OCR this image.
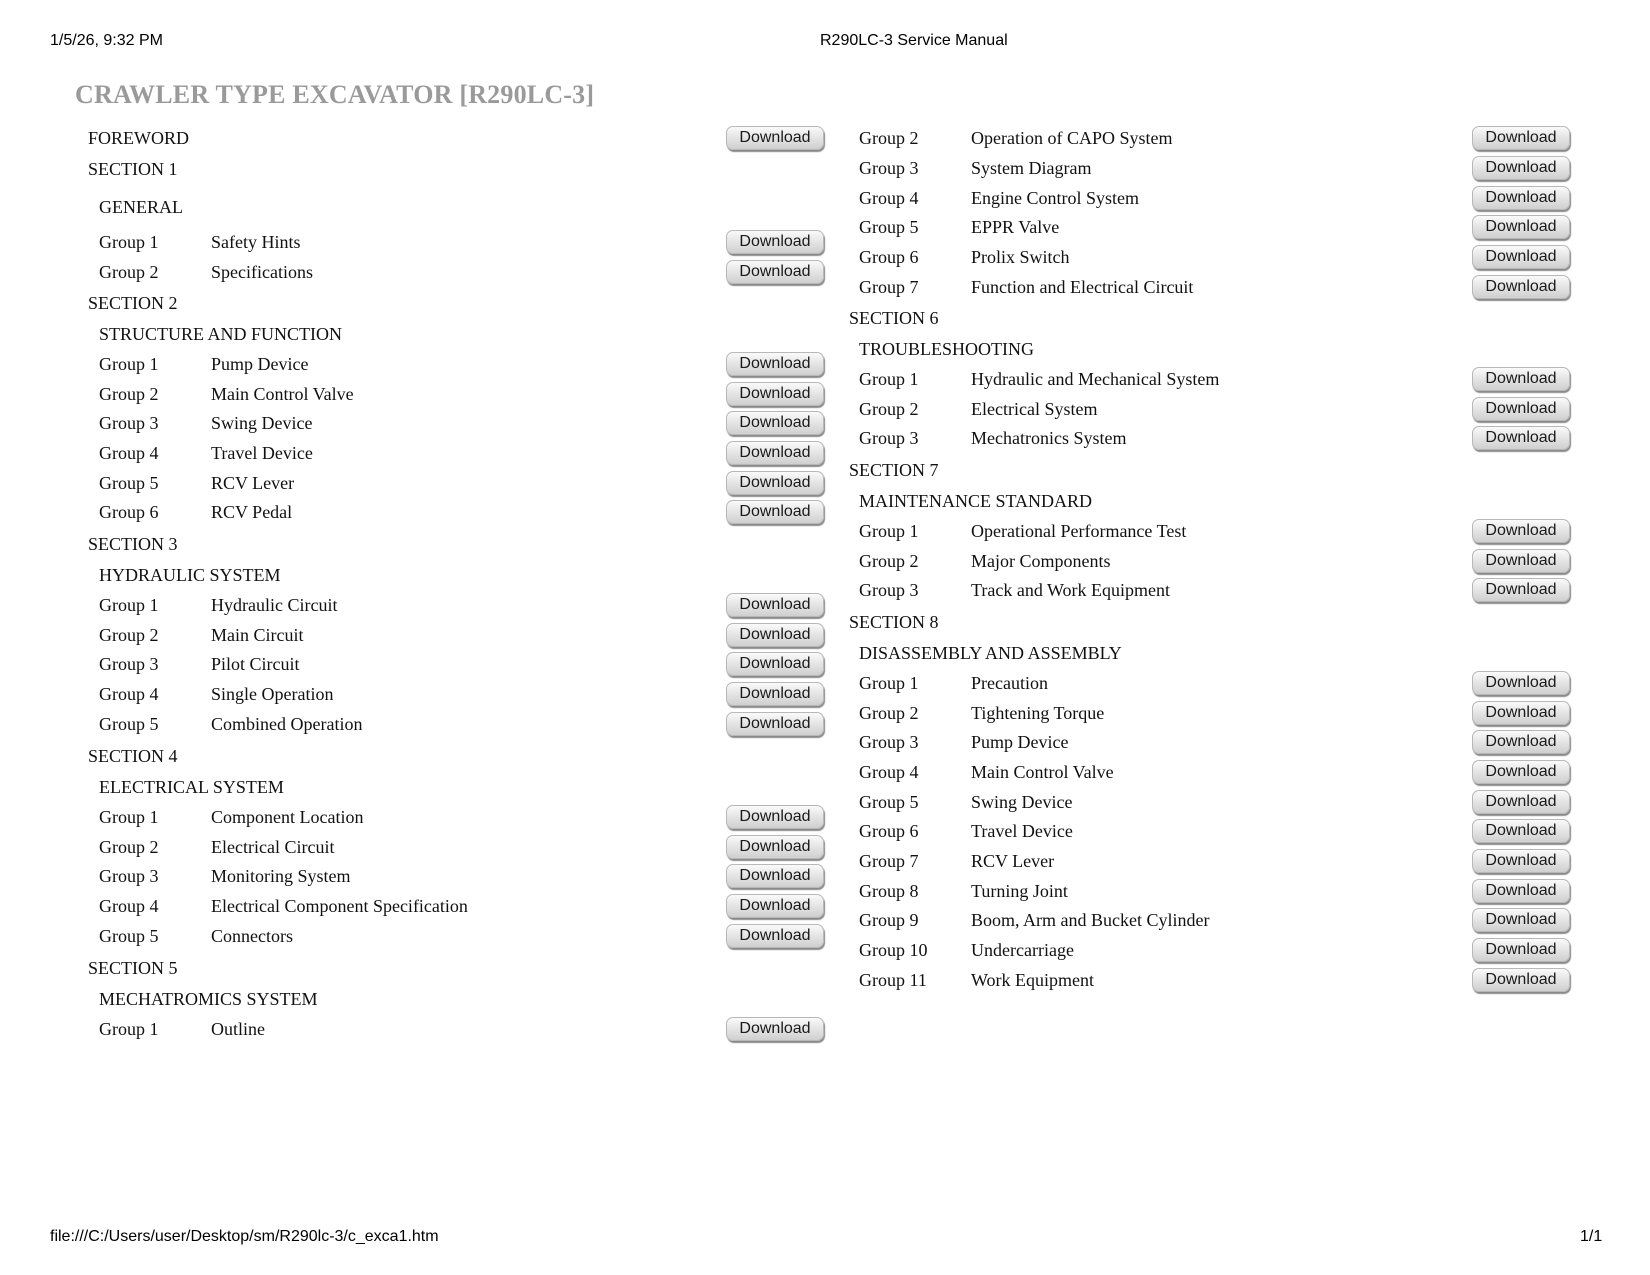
1/5/26, 9:32 PM	R290LC-3 Service Manual
CRAWLER TYPE EXCAVATOR [R290LC-3]
FOREWORD	Download
SECTION 1
GENERAL
Group 1	Safety Hints	Download
Group 2	Specifications	Download
SECTION 2
STRUCTURE AND FUNCTION
Group 1	Pump Device	Download
Group 2	Main Control Valve	Download
Group 3	Swing Device	Download
Group 4	Travel Device	Download
Group 5	RCV Lever	Download
Group 6	RCV Pedal	Download
SECTION 3
HYDRAULIC SYSTEM
Group 1	Hydraulic Circuit	Download
Group 2	Main Circuit	Download
Group 3	Pilot Circuit	Download
Group 4	Single Operation	Download
Group 5	Combined Operation	Download
SECTION 4
ELECTRICAL SYSTEM
Group 1	Component Location	Download
Group 2	Electrical Circuit	Download
Group 3	Monitoring System	Download
Group 4	Electrical Component Specification	Download
Group 5	Connectors	Download
SECTION 5
MECHATROMICS SYSTEM
Group 1	Outline	Download
Group 2	Operation of CAPO System	Download
Group 3	System Diagram	Download
Group 4	Engine Control System	Download
Group 5	EPPR Valve	Download
Group 6	Prolix Switch	Download
Group 7	Function and Electrical Circuit	Download
SECTION 6
TROUBLESHOOTING
Group 1	Hydraulic and Mechanical System	Download
Group 2	Electrical System	Download
Group 3	Mechatronics System	Download
SECTION 7
MAINTENANCE STANDARD
Group 1	Operational Performance Test	Download
Group 2	Major Components	Download
Group 3	Track and Work Equipment	Download
SECTION 8
DISASSEMBLY AND ASSEMBLY
Group 1	Precaution	Download
Group 2	Tightening Torque	Download
Group 3	Pump Device	Download
Group 4	Main Control Valve	Download
Group 5	Swing Device	Download
Group 6	Travel Device	Download
Group 7	RCV Lever	Download
Group 8	Turning Joint	Download
Group 9	Boom, Arm and Bucket Cylinder	Download
Group 10 Undercarriage	Download
Group 11 Work Equipment	Download
file:///C:/Users/user/Desktop/sm/R290lc-3/c_exca1.htm	1/1
